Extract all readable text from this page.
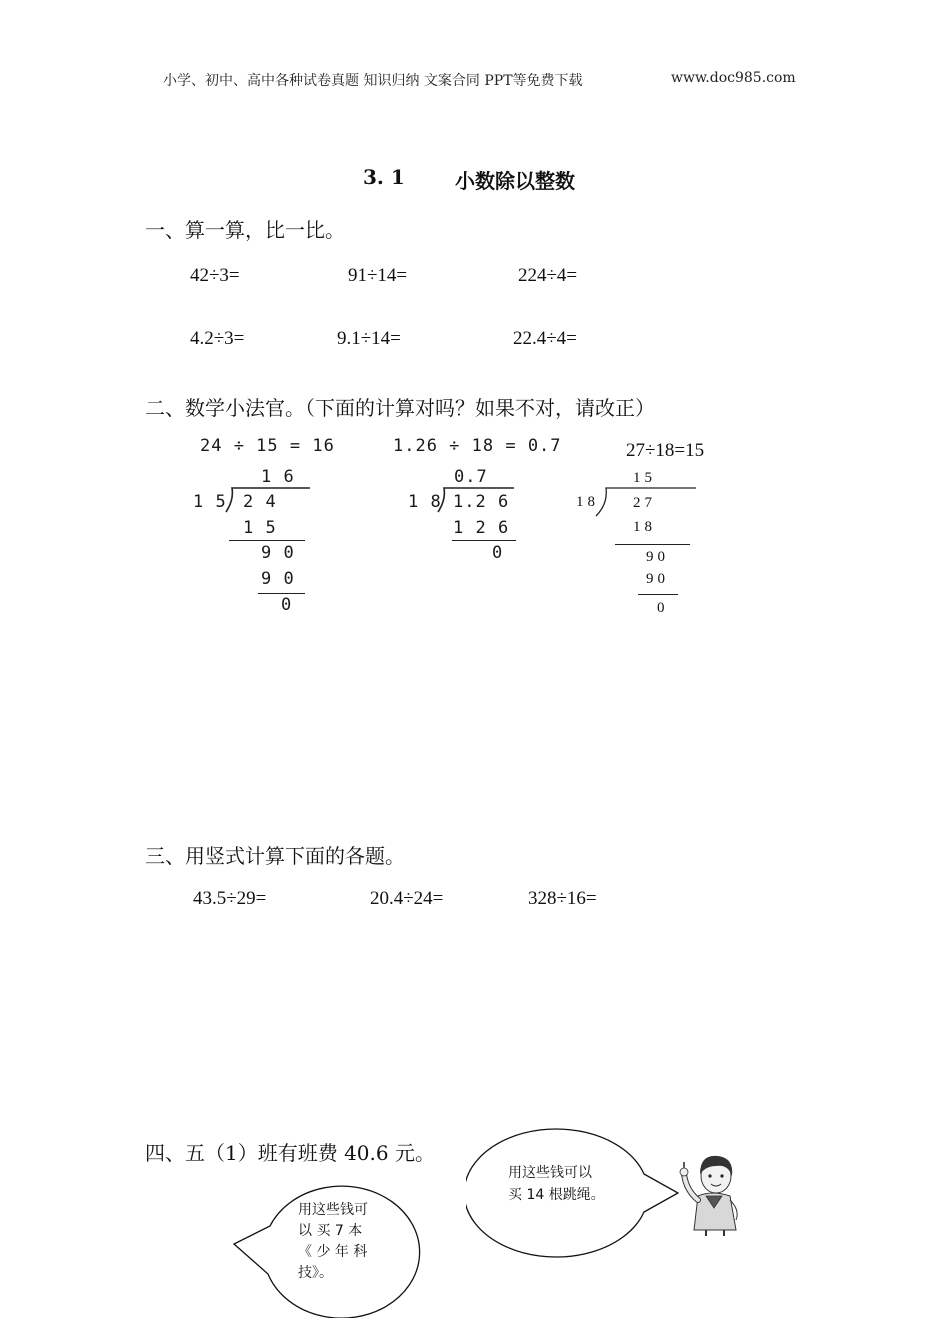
小学、初中、高中各种试卷真题 知识归纳 文案合同 PPT等免费下载	www.doc985.com
3. 1	小数除以整数
一、算一算，比一比。
42÷3=	91÷14=	224÷4=
4.2÷3=	9.1÷14=	22.4÷4=
二、数学小法官。（下面的计算对吗？如果不对，请改正）
24 ÷ 15 = 16
1 6
1 5 2 4
1 5
9 0
9 0
0
1.26 ÷ 18 = 0.7
0.7
1 8 1.2 6
1 2 6
0
27÷18=15
15
18 27
18
90
90
0
三、用竖式计算下面的各题。
43.5÷29=	20.4÷24=	328÷16=
四、五（1）班有班费 40.6 元。
用这些钱可
以 买 7 本
《 少 年 科
技》。
用这些钱可以
买 14 根跳绳。
